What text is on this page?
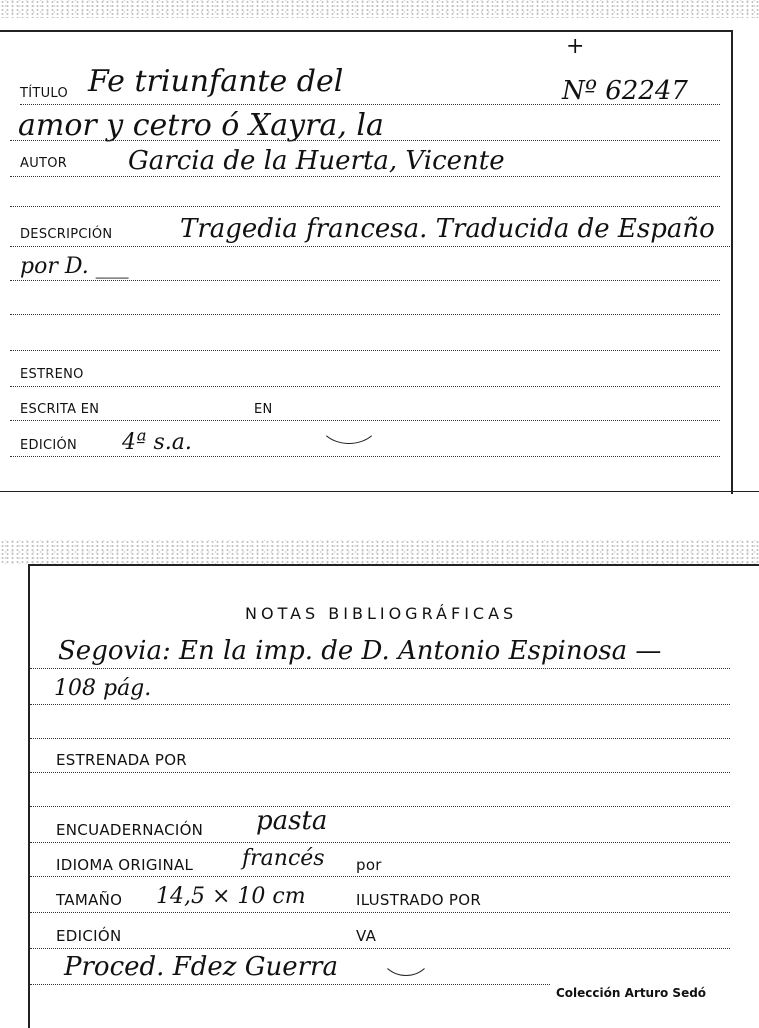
TÍTULO Fe triunfante del
+
Nº 62247
amor y cetro ó Xayra, la
AUTOR Garcia de la Huerta, Vicente
DESCRIPCIÓN	Tragedia francesa. Traducida de Españo
por D. ___
ESTRENO
ESCRITA EN	EN
EDICIÓN 4ª s.a.
NOTAS BIBLIOGRÁFICAS
Segovia: En la imp. de D. Antonio Espinosa —
108 pág.
ESTRENADA POR
ENCUADERNACIÓN pasta
IDIOMA ORIGINAL francés por
TAMAÑO 14,5 × 10 cm	ILUSTRADO POR
EDICIÓN	VA
Proced. Fdez Guerra
Colección Arturo Sedó
